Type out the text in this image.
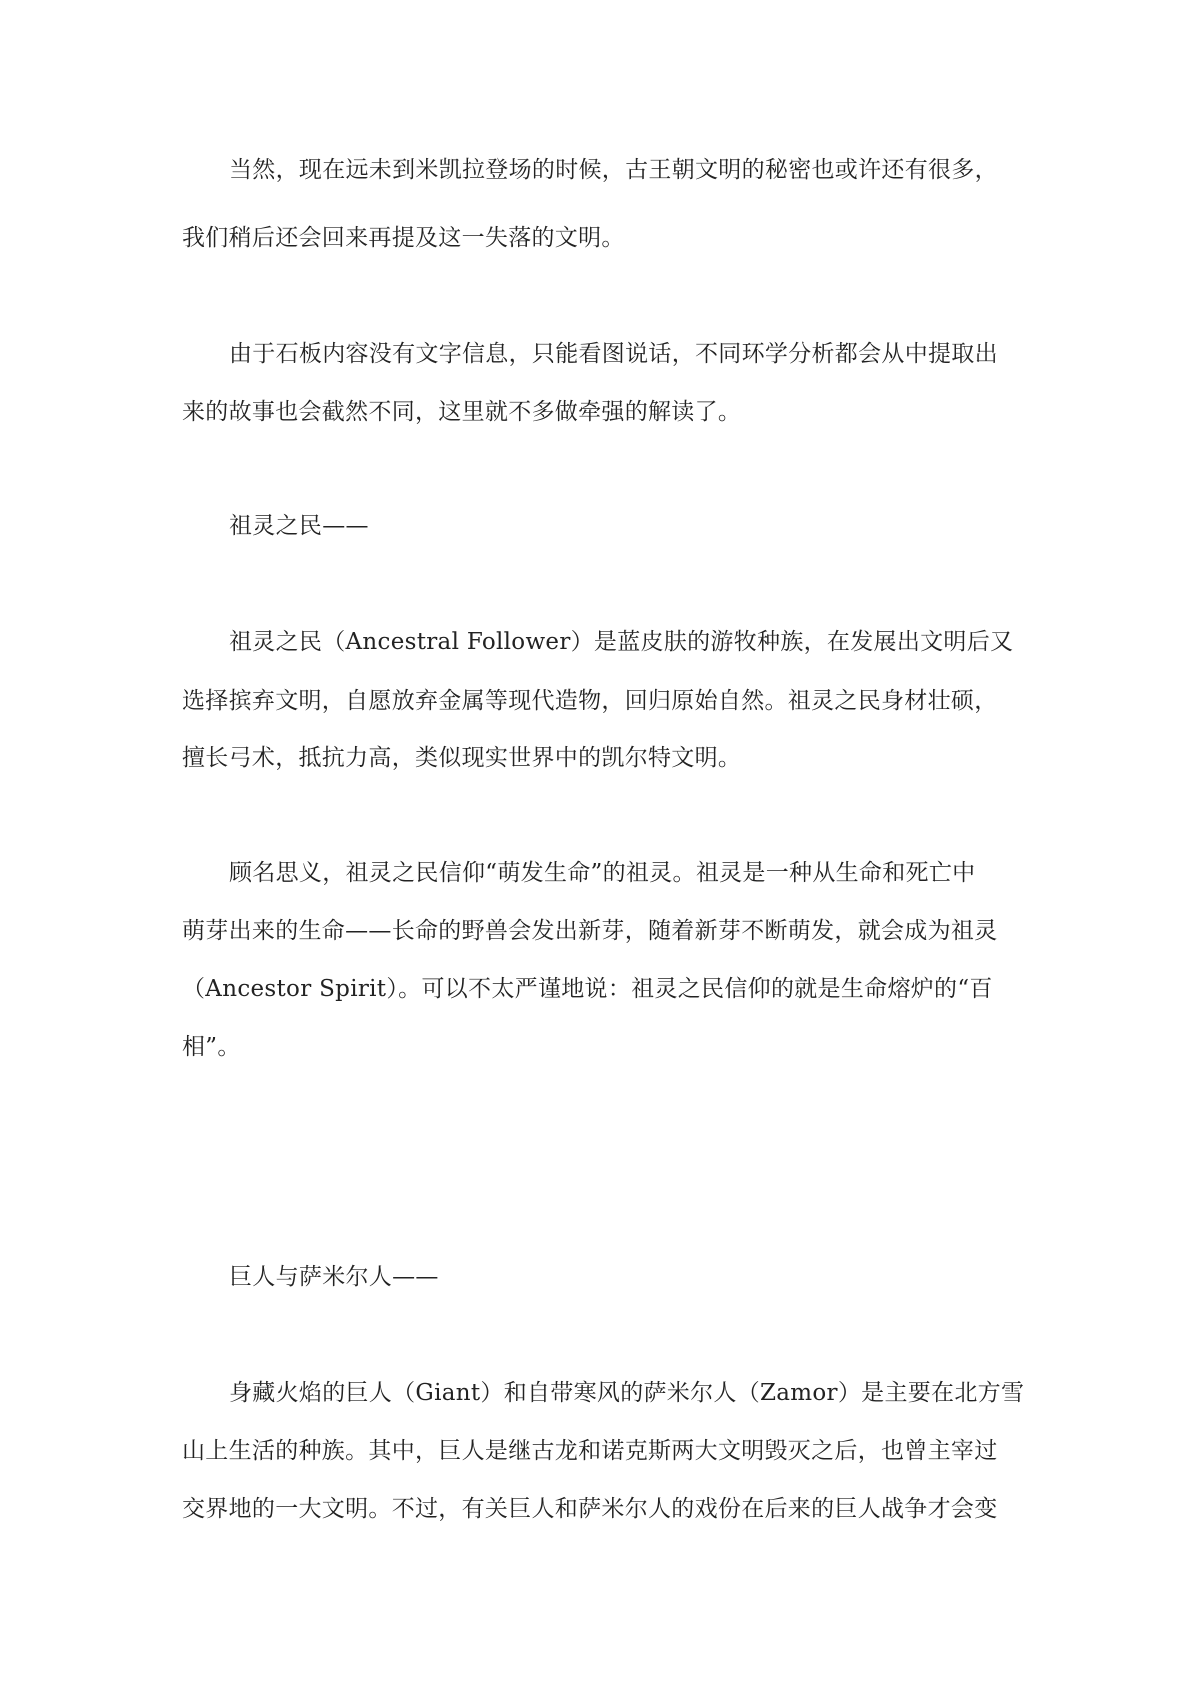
当然，现在远未到米凯拉登场的时候，古王朝文明的秘密也或许还有很多，
我们稍后还会回来再提及这一失落的文明。
由于石板内容没有文字信息，只能看图说话，不同环学分析都会从中提取出
来的故事也会截然不同，这里就不多做牵强的解读了。
祖灵之民——
祖灵之民（Ancestral Follower）是蓝皮肤的游牧种族，在发展出文明后又
选择摈弃文明，自愿放弃金属等现代造物，回归原始自然。祖灵之民身材壮硕，
擅长弓术，抵抗力高，类似现实世界中的凯尔特文明。
顾名思义，祖灵之民信仰“萌发生命”的祖灵。祖灵是一种从生命和死亡中
萌芽出来的生命——长命的野兽会发出新芽，随着新芽不断萌发，就会成为祖灵
（Ancestor Spirit）。可以不太严谨地说：祖灵之民信仰的就是生命熔炉的“百
相”。
巨人与萨米尔人——
身藏火焰的巨人（Giant）和自带寒风的萨米尔人（Zamor）是主要在北方雪
山上生活的种族。其中，巨人是继古龙和诺克斯两大文明毁灭之后，也曾主宰过
交界地的一大文明。不过，有关巨人和萨米尔人的戏份在后来的巨人战争才会变
